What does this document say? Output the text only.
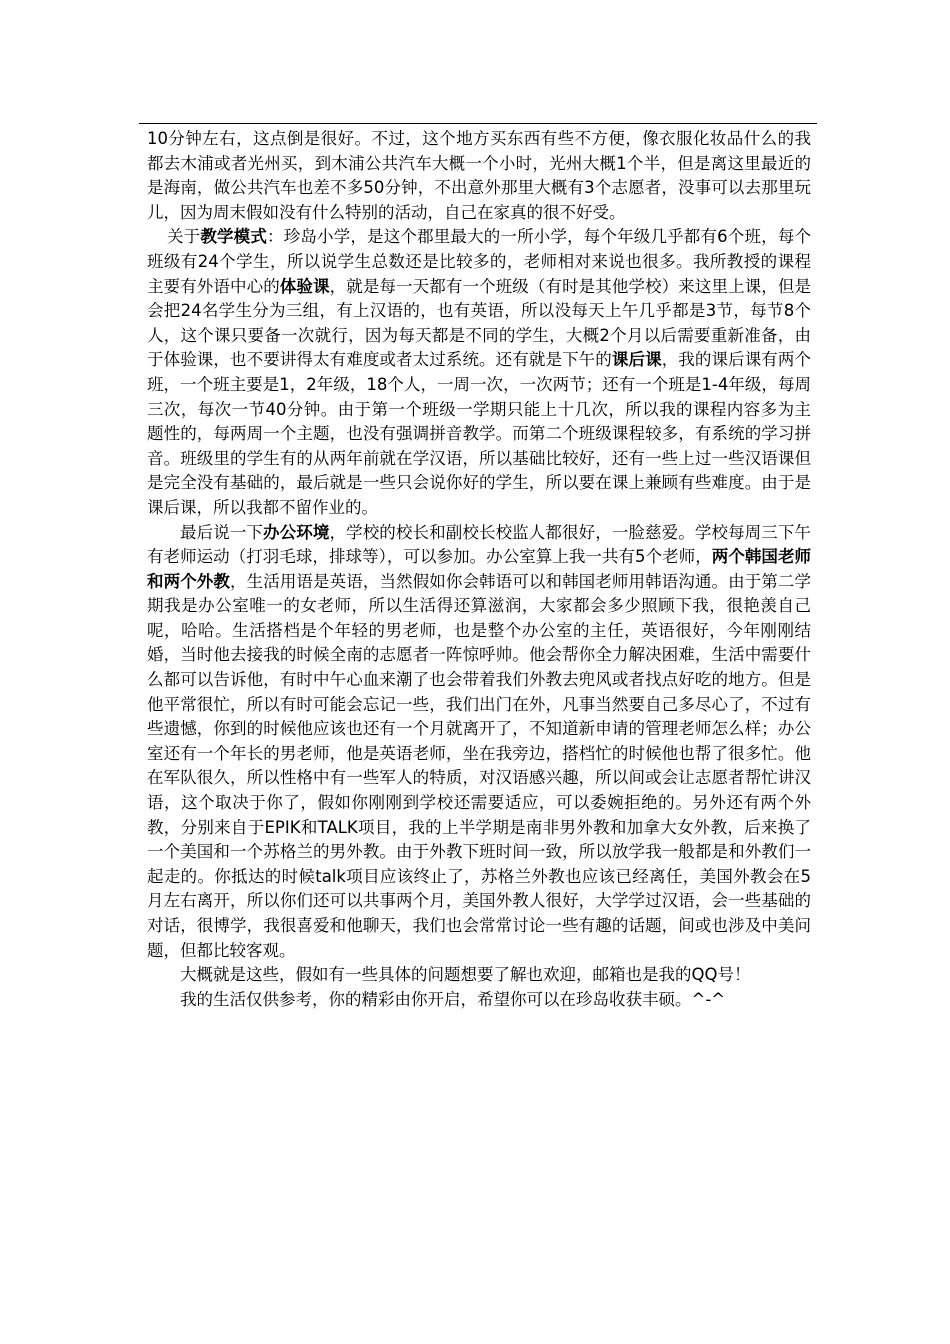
10分钟左右，这点倒是很好。不过，这个地方买东西有些不方便，像衣服化妆品什么的我都去木浦或者光州买，到木浦公共汽车大概一个小时，光州大概1个半，但是离这里最近的是海南，做公共汽车也差不多50分钟，不出意外那里大概有3个志愿者，没事可以去那里玩儿，因为周末假如没有什么特别的活动，自己在家真的很不好受。

关于教学模式：珍岛小学，是这个郡里最大的一所小学，每个年级几乎都有6个班，每个班级有24个学生，所以说学生总数还是比较多的，老师相对来说也很多。我所教授的课程主要有外语中心的体验课，就是每一天都有一个班级（有时是其他学校）来这里上课，但是会把24名学生分为三组，有上汉语的，也有英语，所以没每天上午几乎都是3节，每节8个人，这个课只要备一次就行，因为每天都是不同的学生，大概2个月以后需要重新准备，由于体验课，也不要讲得太有难度或者太过系统。还有就是下午的课后课，我的课后课有两个班，一个班主要是1，2年级，18个人，一周一次，一次两节；还有一个班是1-4年级，每周三次，每次一节40分钟。由于第一个班级一学期只能上十几次，所以我的课程内容多为主题性的，每两周一个主题，也没有强调拼音教学。而第二个班级课程较多，有系统的学习拼音。班级里的学生有的从两年前就在学汉语，所以基础比较好，还有一些上过一些汉语课但是完全没有基础的，最后就是一些只会说你好的学生，所以要在课上兼顾有些难度。由于是课后课，所以我都不留作业的。

最后说一下办公环境，学校的校长和副校长校监人都很好，一脸慈爱。学校每周三下午有老师运动（打羽毛球，排球等），可以参加。办公室算上我一共有5个老师，两个韩国老师和两个外教，生活用语是英语，当然假如你会韩语可以和韩国老师用韩语沟通。由于第二学期我是办公室唯一的女老师，所以生活得还算滋润，大家都会多少照顾下我，很艳羡自己呢，哈哈。生活搭档是个年轻的男老师，也是整个办公室的主任，英语很好，今年刚刚结婚，当时他去接我的时候全南的志愿者一阵惊呼帅。他会帮你全力解决困难，生活中需要什么都可以告诉他，有时中午心血来潮了也会带着我们外教去兜风或者找点好吃的地方。但是他平常很忙，所以有时可能会忘记一些，我们出门在外，凡事当然要自己多尽心了，不过有些遗憾，你到的时候他应该也还有一个月就离开了，不知道新申请的管理老师怎么样；办公室还有一个年长的男老师，他是英语老师，坐在我旁边，搭档忙的时候他也帮了很多忙。他在军队很久，所以性格中有一些军人的特质，对汉语感兴趣，所以间或会让志愿者帮忙讲汉语，这个取决于你了，假如你刚刚到学校还需要适应，可以委婉拒绝的。另外还有两个外教，分别来自于EPIK和TALK项目，我的上半学期是南非男外教和加拿大女外教，后来换了一个美国和一个苏格兰的男外教。由于外教下班时间一致，所以放学我一般都是和外教们一起走的。你抵达的时候talk项目应该终止了，苏格兰外教也应该已经离任，美国外教会在5月左右离开，所以你们还可以共事两个月，美国外教人很好，大学学过汉语，会一些基础的对话，很博学，我很喜爱和他聊天，我们也会常常讨论一些有趣的话题，间或也涉及中美问题，但都比较客观。

大概就是这些，假如有一些具体的问题想要了解也欢迎，邮箱也是我的QQ号！

我的生活仅供参考，你的精彩由你开启，希望你可以在珍岛收获丰硕。^-^
